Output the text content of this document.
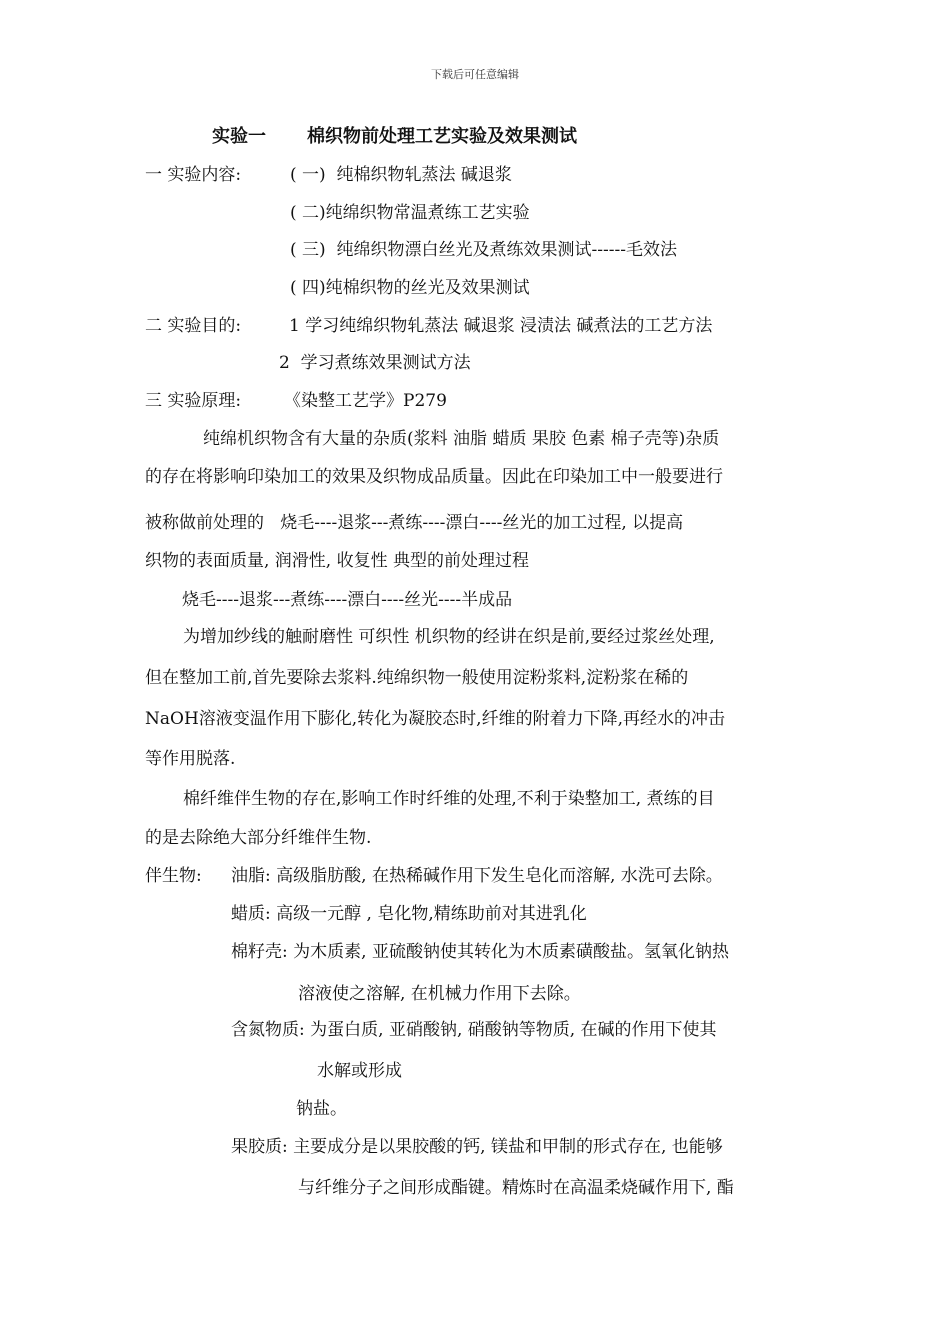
下载后可任意编辑
实验一 棉织物前处理工艺实验及效果测试
一 实验内容:	( 一)  纯棉织物轧蒸法 碱退浆
( 二)纯绵织物常温煮练工艺实验
( 三)  纯绵织物漂白丝光及煮练效果测试------毛效法
( 四)纯棉织物的丝光及效果测试
二 实验目的:	1 学习纯绵织物轧蒸法 碱退浆 浸渍法 碱煮法的工艺方法
2  学习煮练效果测试方法
三 实验原理:	《染整工艺学》P279
纯绵机织物含有大量的杂质(浆料 油脂 蜡质 果胶 色素 棉子壳等)杂质
的存在将影响印染加工的效果及织物成品质量。因此在印染加工中一般要进行
被称做前处理的   烧毛----退浆---煮练----漂白----丝光的加工过程, 以提高
织物的表面质量, 润滑性, 收复性 典型的前处理过程
烧毛----退浆---煮练----漂白----丝光----半成品
为增加纱线的触耐磨性 可织性 机织物的经讲在织是前,要经过浆丝处理,
但在整加工前,首先要除去浆料.纯绵织物一般使用淀粉浆料,淀粉浆在稀的
NaOH溶液变温作用下膨化,转化为凝胶态时,纤维的附着力下降,再经水的冲击
等作用脱落.
棉纤维伴生物的存在,影响工作时纤维的处理,不利于染整加工, 煮练的目
的是去除绝大部分纤维伴生物.
伴生物: 油脂: 高级脂肪酸, 在热稀碱作用下发生皂化而溶解, 水洗可去除。
蜡质: 高级一元醇 , 皂化物,精练助前对其进乳化
棉籽壳: 为木质素, 亚硫酸钠使其转化为木质素磺酸盐。氢氧化钠热
溶液使之溶解, 在机械力作用下去除。
含氮物质: 为蛋白质, 亚硝酸钠, 硝酸钠等物质, 在碱的作用下使其
水解或形成
钠盐。
果胶质: 主要成分是以果胶酸的钙, 镁盐和甲制的形式存在, 也能够
与纤维分子之间形成酯键。精炼时在高温柔烧碱作用下, 酯
